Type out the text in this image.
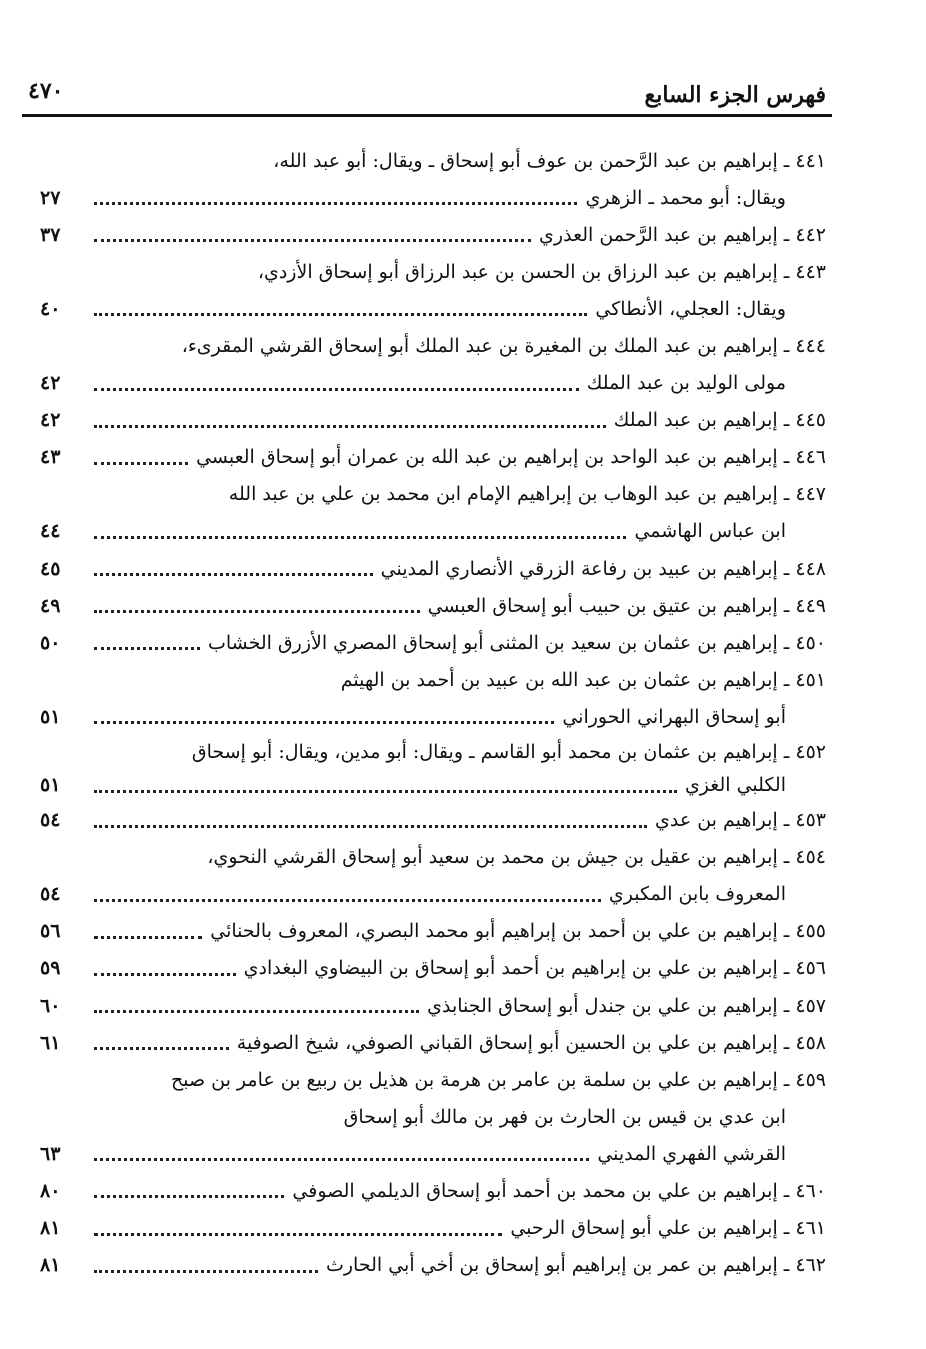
فهرس الجزء السابع
٤٧٠
٤٤١ ـ إبراهيم بن عبد الرَّحمن بن عوف أبو إسحاق ـ ويقال: أبو عبد الله،
ويقال: أبو محمد ـ الزهري
٢٧
٤٤٢ ـ إبراهيم بن عبد الرَّحمن العذري
٣٧
٤٤٣ ـ إبراهيم بن عبد الرزاق بن الحسن بن عبد الرزاق أبو إسحاق الأزدي،
ويقال: العجلي، الأنطاكي
٤٠
٤٤٤ ـ إبراهيم بن عبد الملك بن المغيرة بن عبد الملك أبو إسحاق القرشي المقرىء،
مولى الوليد بن عبد الملك
٤٢
٤٤٥ ـ إبراهيم بن عبد الملك
٤٢
٤٤٦ ـ إبراهيم بن عبد الواحد بن إبراهيم بن عبد الله بن عمران أبو إسحاق العبسي
٤٣
٤٤٧ ـ إبراهيم بن عبد الوهاب بن إبراهيم الإمام ابن محمد بن علي بن عبد الله
ابن عباس الهاشمي
٤٤
٤٤٨ ـ إبراهيم بن عبيد بن رفاعة الزرقي الأنصاري المديني
٤٥
٤٤٩ ـ إبراهيم بن عتيق بن حبيب أبو إسحاق العبسي
٤٩
٤٥٠ ـ إبراهيم بن عثمان بن سعيد بن المثنى أبو إسحاق المصري الأزرق الخشاب
٥٠
٤٥١ ـ إبراهيم بن عثمان بن عبد الله بن عبيد بن أحمد بن الهيثم
أبو إسحاق البهراني الحوراني
٥١
٤٥٢ ـ إبراهيم بن عثمان بن محمد أبو القاسم ـ ويقال: أبو مدين، ويقال: أبو إسحاق
الكلبي الغزي
٥١
٤٥٣ ـ إبراهيم بن عدي
٥٤
٤٥٤ ـ إبراهيم بن عقيل بن جيش بن محمد بن سعيد أبو إسحاق القرشي النحوي،
المعروف بابن المكبري
٥٤
٤٥٥ ـ إبراهيم بن علي بن أحمد بن إبراهيم أبو محمد البصري، المعروف بالحنائي
٥٦
٤٥٦ ـ إبراهيم بن علي بن إبراهيم بن أحمد أبو إسحاق بن البيضاوي البغدادي
٥٩
٤٥٧ ـ إبراهيم بن علي بن جندل أبو إسحاق الجنابذي
٦٠
٤٥٨ ـ إبراهيم بن علي بن الحسين أبو إسحاق القباني الصوفي، شيخ الصوفية
٦١
٤٥٩ ـ إبراهيم بن علي بن سلمة بن عامر بن هرمة بن هذيل بن ربيع بن عامر بن صبح
ابن عدي بن قيس بن الحارث بن فهر بن مالك أبو إسحاق
القرشي الفهري المديني
٦٣
٤٦٠ ـ إبراهيم بن علي بن محمد بن أحمد أبو إسحاق الديلمي الصوفي
٨٠
٤٦١ ـ إبراهيم بن علي أبو إسحاق الرحبي
٨١
٤٦٢ ـ إبراهيم بن عمر بن إبراهيم أبو إسحاق بن أخي أبي الحارث
٨١
